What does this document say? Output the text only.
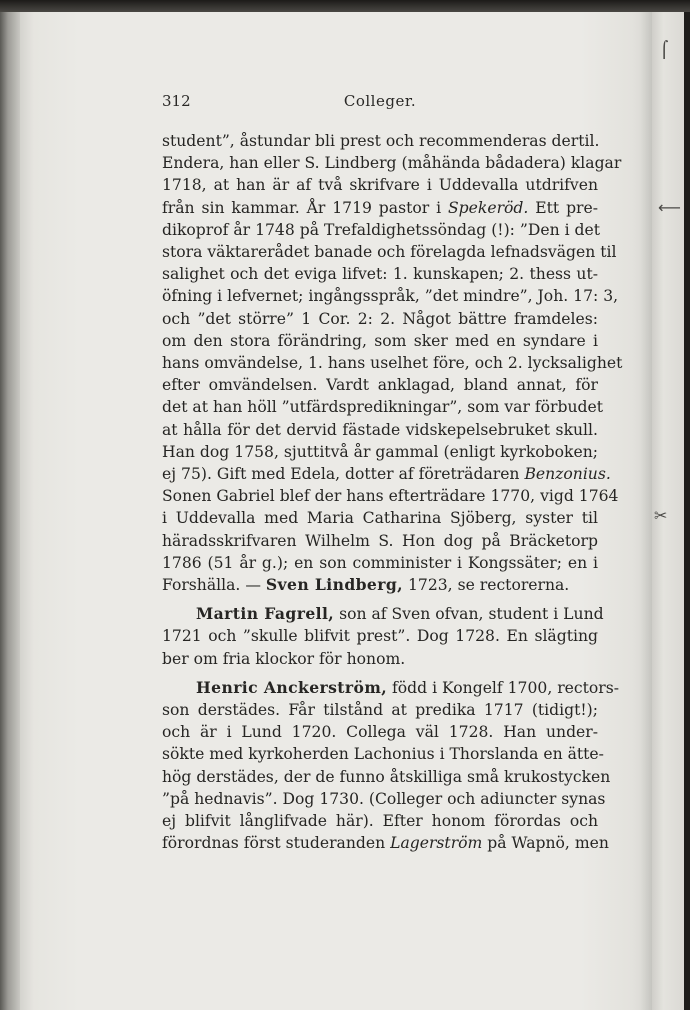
⌠
⟵
✂
312	Colleger.
student”, åstundar bli prest och recommenderas dertil.
Endera, han eller S. Lindberg (måhända bådadera) klagar
1718, at han är af två skrifvare i Uddevalla utdrifven
från sin kammar. År 1719 pastor i Spekeröd. Ett pre-
dikoprof år 1748 på Trefaldighetssöndag (!): ”Den i det
stora väktarerådet banade och förelagda lefnadsvägen til
salighet och det eviga lifvet: 1. kunskapen; 2. thess ut-
öfning i lefvernet; ingångsspråk, ”det mindre”, Joh. 17: 3,
och ”det större” 1 Cor. 2: 2. Något bättre framdeles:
om den stora förändring, som sker med en syndare i
hans omvändelse, 1. hans uselhet före, och 2. lycksalighet
efter omvändelsen. Vardt anklagad, bland annat, för
det at han höll ”utfärdspredikningar”, som var förbudet
at hålla för det dervid fästade vidskepelsebruket skull.
Han dog 1758, sjuttitvå år gammal (enligt kyrkoboken;
ej 75). Gift med Edela, dotter af företrädaren Benzonius.
Sonen Gabriel blef der hans efterträdare 1770, vigd 1764
i Uddevalla med Maria Catharina Sjöberg, syster til
häradsskrifvaren Wilhelm S. Hon dog på Bräcketorp
1786 (51 år g.); en son comminister i Kongssäter; en i
Forshälla. — Sven Lindberg, 1723, se rectorerna.
Martin Fagrell, son af Sven ofvan, student i Lund
1721 och ”skulle blifvit prest”. Dog 1728. En slägting
ber om fria klockor för honom.
Henric Anckerström, född i Kongelf 1700, rectors-
son derstädes. Får tilstånd at predika 1717 (tidigt!);
och är i Lund 1720. Collega väl 1728. Han under-
sökte med kyrkoherden Lachonius i Thorslanda en ätte-
hög derstädes, der de funno åtskilliga små krukostycken
”på hednavis”. Dog 1730. (Colleger och adiuncter synas
ej blifvit långlifvade här). Efter honom förordas och
förordnas först studeranden Lagerström på Wapnö, men
